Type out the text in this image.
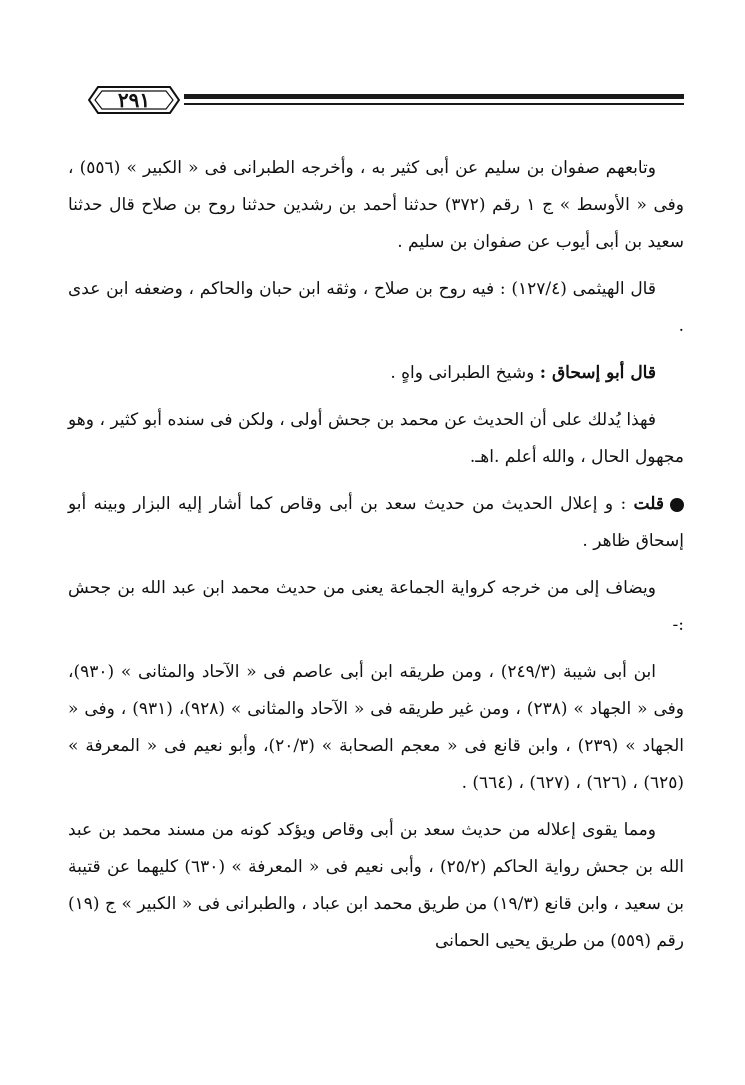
٢٩١

وتابعهم صفوان بن سليم عن أبى كثير به ، وأخرجه الطبرانى فى « الكبير » (٥٥٦) ، وفى « الأوسط » ج ١ رقم (٣٧٢) حدثنا أحمد بن رشدين حدثنا روح بن صلاح قال حدثنا سعيد بن أبى أيوب عن صفوان بن سليم .

قال الهيثمى (١٢٧/٤) : فيه روح بن صلاح ، وثقه ابن حبان والحاكم ، وضعفه ابن عدى .

قال أبو إسحاق : وشيخ الطبرانى واهٍ .

فهذا يُدلك على أن الحديث عن محمد بن جحش أولى ، ولكن فى سنده أبو كثير ، وهو مجهول الحال ، والله أعلم .اهـ.

قلت : و إعلال الحديث من حديث سعد بن أبى وقاص كما أشار إليه البزار وبينه أبو إسحاق ظاهر .

ويضاف إلى من خرجه كرواية الجماعة يعنى من حديث محمد ابن عبد الله بن جحش :-

ابن أبى شيبة (٢٤٩/٣) ، ومن طريقه ابن أبى عاصم فى « الآحاد والمثانى » (٩٣٠)، وفى « الجهاد » (٢٣٨) ، ومن غير طريقه فى « الآحاد والمثانى » (٩٢٨)، (٩٣١) ، وفى « الجهاد » (٢٣٩) ، وابن قانع فى « معجم الصحابة » (٢٠/٣)، وأبو نعيم فى « المعرفة » (٦٢٥) ، (٦٢٦) ، (٦٢٧) ، (٦٦٤) .

ومما يقوى إعلاله من حديث سعد بن أبى وقاص ويؤكد كونه من مسند محمد بن عبد الله بن جحش رواية الحاكم (٢٥/٢) ، وأبى نعيم فى « المعرفة » (٦٣٠) كليهما عن قتيبة بن سعيد ، وابن قانع (١٩/٣) من طريق محمد ابن عباد ، والطبرانى فى « الكبير » ج (١٩) رقم (٥٥٩) من طريق يحيى الحمانى
